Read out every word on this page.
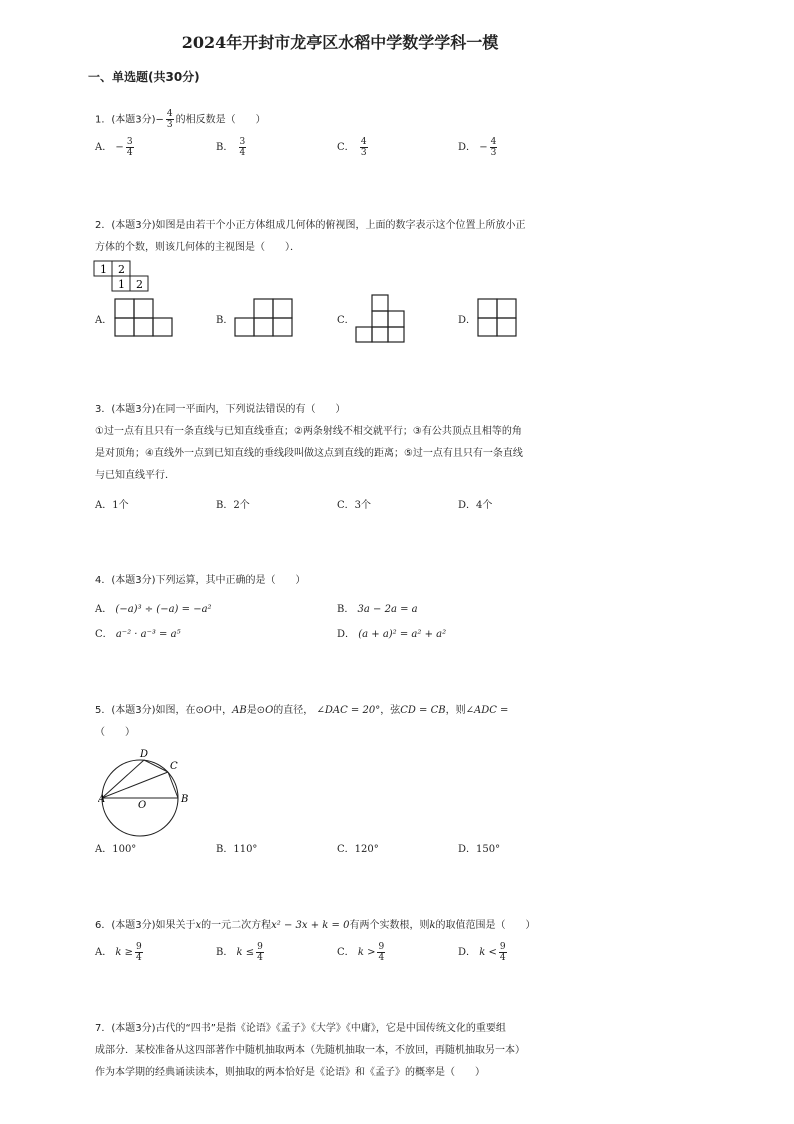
2024年开封市龙亭区水稻中学数学学科一模
一、单选题(共30分)
1．(本题3分)− $\frac{4}{3}$ 的相反数是（　　）
A． − $\frac{3}{4}$	B． $\frac{3}{4}$	C． $\frac{4}{3}$	D． − $\frac{4}{3}$
2．(本题3分)如图是由若干个小正方体组成几何体的俯视图，上面的数字表示这个位置上所放小正
方体的个数，则该几何体的主视图是（　　）．
1 2
1 2
A．	B．	C．	D．
3．(本题3分)在同一平面内，下列说法错误的有（　　）
①过一点有且只有一条直线与已知直线垂直；②两条射线不相交就平行；③有公共顶点且相等的角
是对顶角；④直线外一点到已知直线的垂线段叫做这点到直线的距离；⑤过一点有且只有一条直线
与已知直线平行．
A．1个	B．2个	C．3个	D．4个
4．(本题3分)下列运算，其中正确的是（　　）
A． (−a)³ ÷ (−a) = −a²	B． 3a − 2a = a
C． a⁻² · a⁻³ = a⁵	D． (a + a)² = a² + a²
5．(本题3分)如图，在⊙O中，AB是⊙O的直径， ∠DAC = 20°，弦CD = CB，则∠ADC =
（　　）
D
C
A
O
B
A．100°	B．110°	C．120°	D．150°
6．(本题3分)如果关于x的一元二次方程x² − 3x + k = 0有两个实数根，则k的取值范围是（　　）
A． $k \ge \frac{9}{4}$	B． $k \le \frac{9}{4}$	C． $k > \frac{9}{4}$	D． $k < \frac{9}{4}$
7．(本题3分)古代的“四书”是指《论语》《孟子》《大学》《中庸》，它是中国传统文化的重要组
成部分．某校准备从这四部著作中随机抽取两本（先随机抽取一本，不放回，再随机抽取另一本）
作为本学期的经典诵读读本，则抽取的两本恰好是《论语》和《孟子》的概率是（　　）
